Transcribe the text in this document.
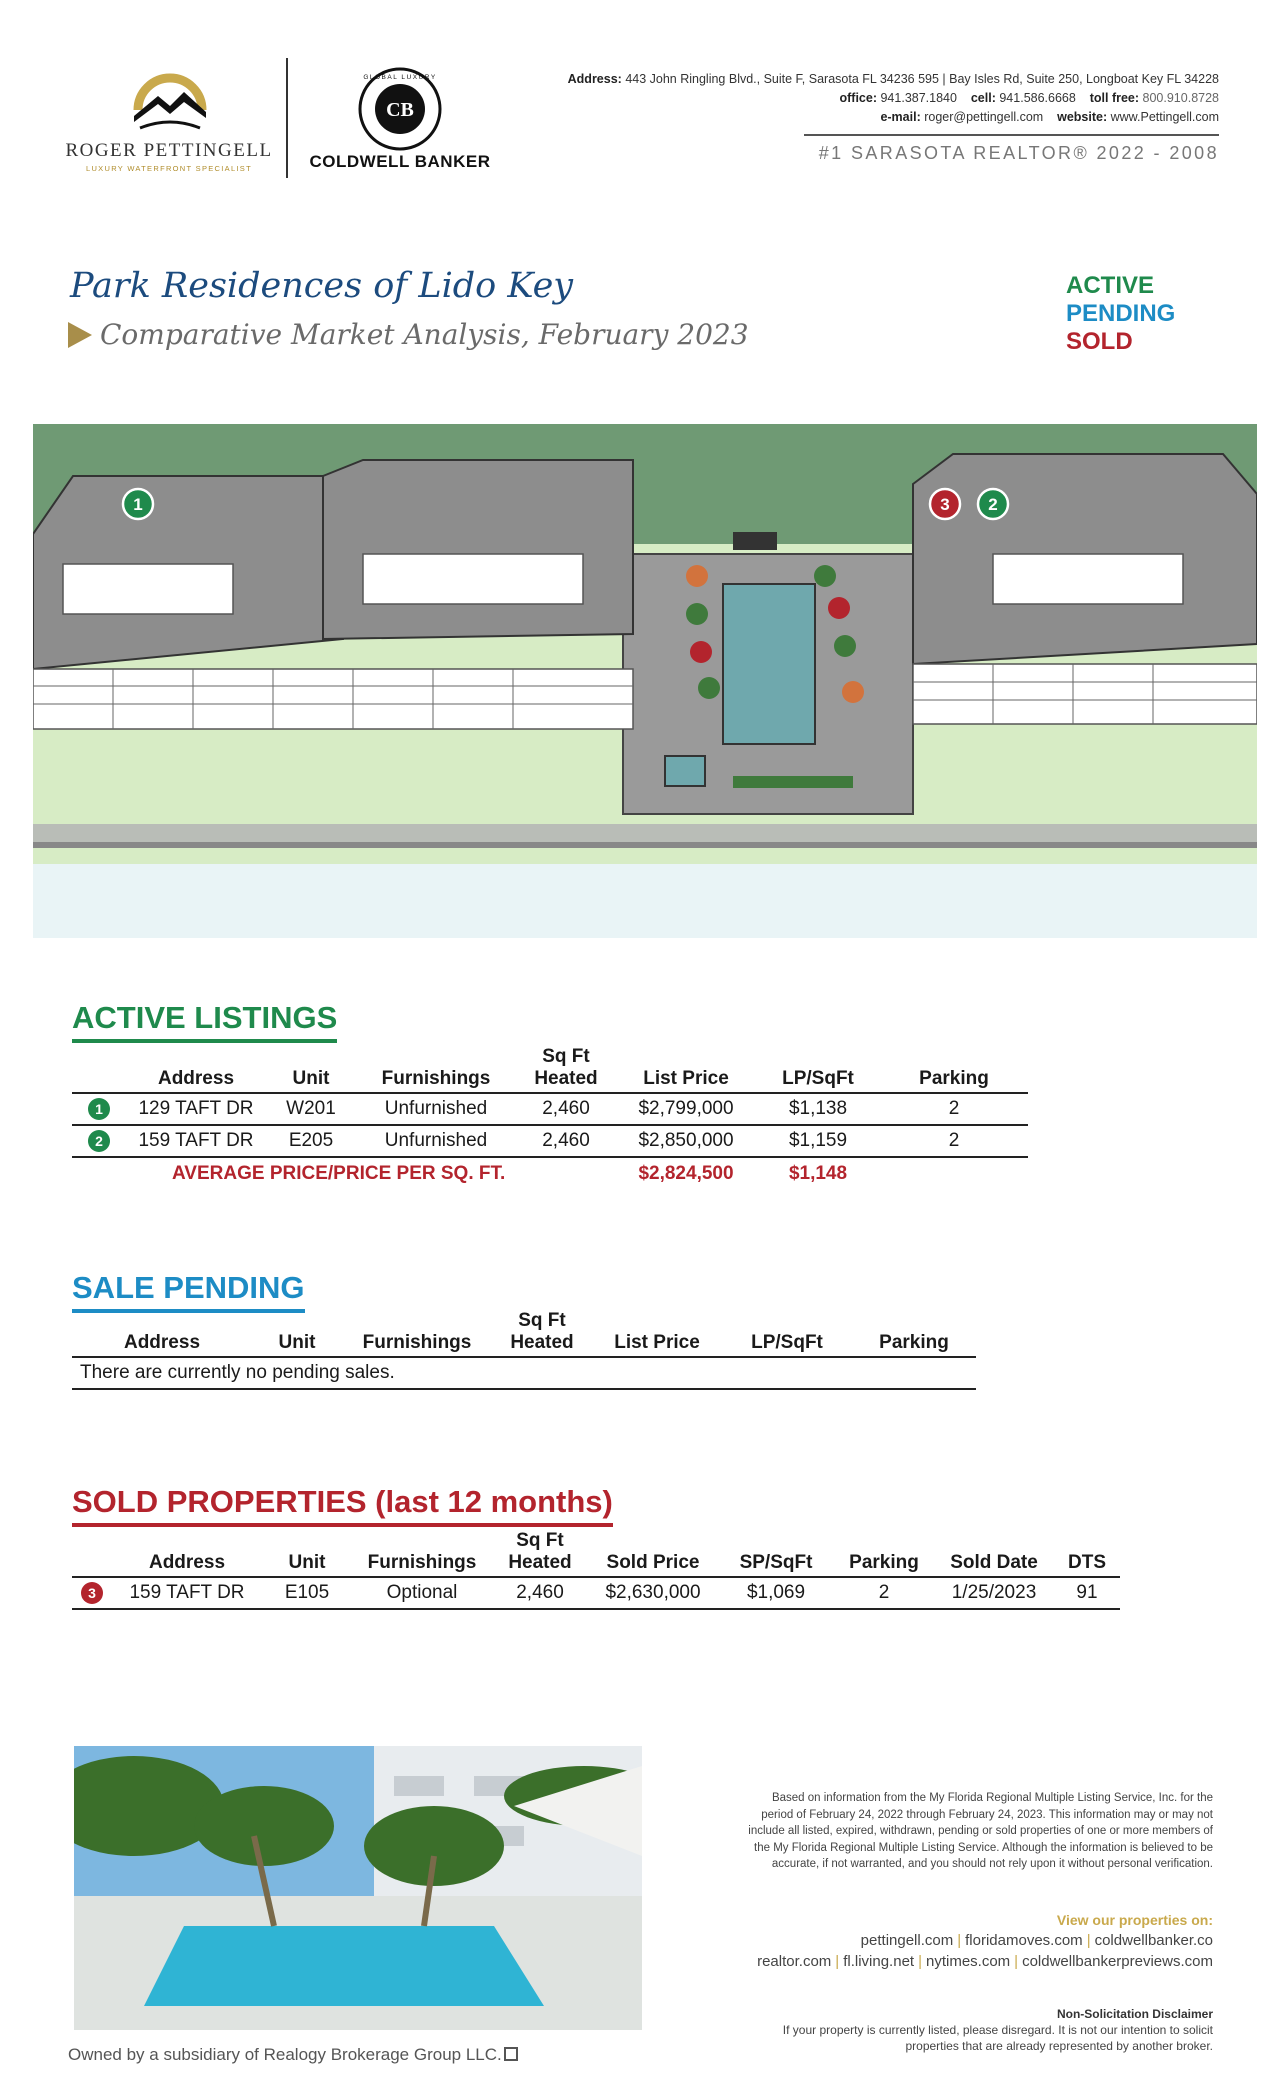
ROGER PETTINGELL
LUXURY WATERFRONT SPECIALIST
CB
GLOBAL LUXURY
COLDWELL BANKER
Address: 443 John Ringling Blvd., Suite F, Sarasota FL 34236 595 | Bay Isles Rd, Suite 250, Longboat Key FL 34228
office: 941.387.1840 cell: 941.586.6668 toll free: 800.910.8728
e-mail: roger@pettingell.com website: www.Pettingell.com
#1 SARASOTA REALTOR® 2022 - 2008
Park Residences of Lido Key
Comparative Market Analysis, February 2023
ACTIVE
PENDING
SOLD
1	3 2
ACTIVE LISTINGS
	Address	Unit	Furnishings	Sq Ft
Heated	List Price	LP/SqFt	Parking
1	129 TAFT DR	W201	Unfurnished	2,460	$2,799,000	$1,138	2
2	159 TAFT DR	E205	Unfurnished	2,460	$2,850,000	$1,159	2
	AVERAGE PRICE/PRICE PER SQ. FT.				$2,824,500	$1,148	
SALE PENDING
Address	Unit	Furnishings	Sq Ft
Heated	List Price	LP/SqFt	Parking
There are currently no pending sales.
SOLD PROPERTIES (last 12 months)
	Address	Unit	Furnishings	Sq Ft
Heated	Sold Price	SP/SqFt	Parking	Sold Date	DTS
3	159 TAFT DR	E105	Optional	2,460	$2,630,000	$1,069	2	1/25/2023	91
Owned by a subsidiary of Realogy Brokerage Group LLC.
Based on information from the My Florida Regional Multiple Listing Service, Inc. for the period of February 24, 2022 through February 24, 2023. This information may or may not include all listed, expired, withdrawn, pending or sold properties of one or more members of the My Florida Regional Multiple Listing Service. Although the information is believed to be accurate, if not warranted, and you should not rely upon it without personal verification.
View our properties on:
pettingell.com | floridamoves.com | coldwellbanker.co
realtor.com | fl.living.net | nytimes.com | coldwellbankerpreviews.com
Non-Solicitation Disclaimer
If your property is currently listed, please disregard. It is not our intention to solicit properties that are already represented by another broker.
